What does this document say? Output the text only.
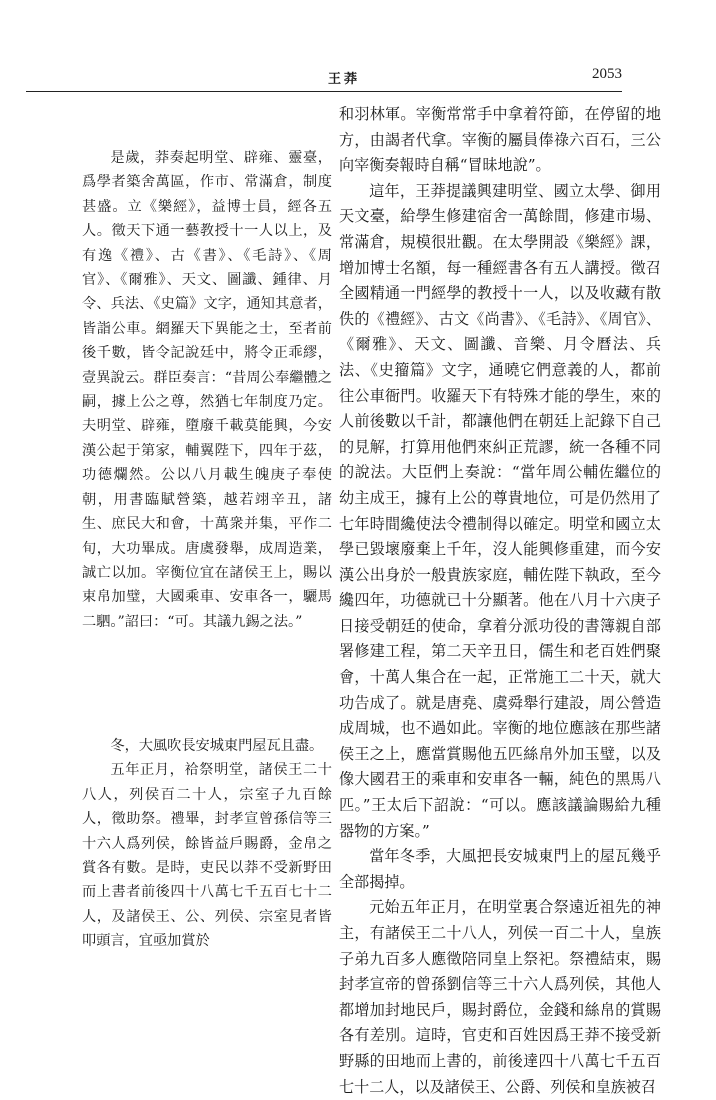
王莽	2053

是歲，莽奏起明堂、辟雍、靈臺，爲學者築舍萬區，作市、常滿倉，制度甚盛。立《樂經》，益博士員，經各五人。徵天下通一藝教授十一人以上，及有逸《禮》、古《書》、《毛詩》、《周官》、《爾雅》、天文、圖讖、鍾律、月令、兵法、《史篇》文字，通知其意者，皆詣公車。網羅天下異能之士，至者前後千數，皆令記說廷中，將令正乖繆，壹異說云。群臣奏言：“昔周公奉繼體之嗣，據上公之尊，然猶七年制度乃定。夫明堂、辟雍，墮廢千載莫能興，今安漢公起于第家，輔翼陛下，四年于茲，功德爛然。公以八月載生魄庚子奉使朝，用書臨賦營築，越若翊辛丑，諸生、庶民大和會，十萬衆并集，平作二旬，大功畢成。唐虞發舉，成周造業，誠亡以加。宰衡位宜在諸侯王上，賜以束帛加璧，大國乘車、安車各一，驪馬二駟。”詔曰：“可。其議九錫之法。”

冬，大風吹長安城東門屋瓦且盡。

五年正月，祫祭明堂，諸侯王二十八人，列侯百二十人，宗室子九百餘人，徵助祭。禮畢，封孝宣曾孫信等三十六人爲列侯，餘皆益戶賜爵，金帛之賞各有數。是時，吏民以莽不受新野田而上書者前後四十八萬七千五百七十二人，及諸侯王、公、列侯、宗室見者皆叩頭言，宜亟加賞於

和羽林軍。宰衡常常手中拿着符節，在停留的地方，由謁者代拿。宰衡的屬員俸祿六百石，三公向宰衡奏報時自稱“冒昧地說”。

這年，王莽提議興建明堂、國立太學、御用天文臺，給學生修建宿舍一萬餘間，修建市場、常滿倉，規模很壯觀。在太學開設《樂經》課，增加博士名額，每一種經書各有五人講授。徵召全國精通一門經學的教授十一人，以及收藏有散佚的《禮經》、古文《尚書》、《毛詩》、《周官》、《爾雅》、天文、圖讖、音樂、月令曆法、兵法、《史籀篇》文字，通曉它們意義的人，都前往公車衙門。收羅天下有特殊才能的學生，來的人前後數以千計，都讓他們在朝廷上記錄下自己的見解，打算用他們來糾正荒謬，統一各種不同的說法。大臣們上奏說：“當年周公輔佐繼位的幼主成王，據有上公的尊貴地位，可是仍然用了七年時間纔使法令禮制得以確定。明堂和國立太學已毀壞廢棄上千年，沒人能興修重建，而今安漢公出身於一般貴族家庭，輔佐陛下執政，至今纔四年，功德就已十分顯著。他在八月十六庚子日接受朝廷的使命，拿着分派功役的書簿親自部署修建工程，第二天辛丑日，儒生和老百姓們聚會，十萬人集合在一起，正常施工二十天，就大功告成了。就是唐堯、虞舜舉行建設，周公營造成周城，也不過如此。宰衡的地位應該在那些諸侯王之上，應當賞賜他五匹絲帛外加玉璧，以及像大國君王的乘車和安車各一輛，純色的黑馬八匹。”王太后下詔說：“可以。應該議論賜給九種器物的方案。”

當年冬季，大風把長安城東門上的屋瓦幾乎全部揭掉。

元始五年正月，在明堂裏合祭遠近祖先的神主，有諸侯王二十八人，列侯一百二十人，皇族子弟九百多人應徵陪同皇上祭祀。祭禮結束，賜封孝宣帝的曾孫劉信等三十六人爲列侯，其他人都增加封地民戶，賜封爵位，金錢和絲帛的賞賜各有差別。這時，官吏和百姓因爲王莽不接受新野縣的田地而上書的，前後達四十八萬七千五百七十二人，以及諸侯王、公爵、列侯和皇族被召
